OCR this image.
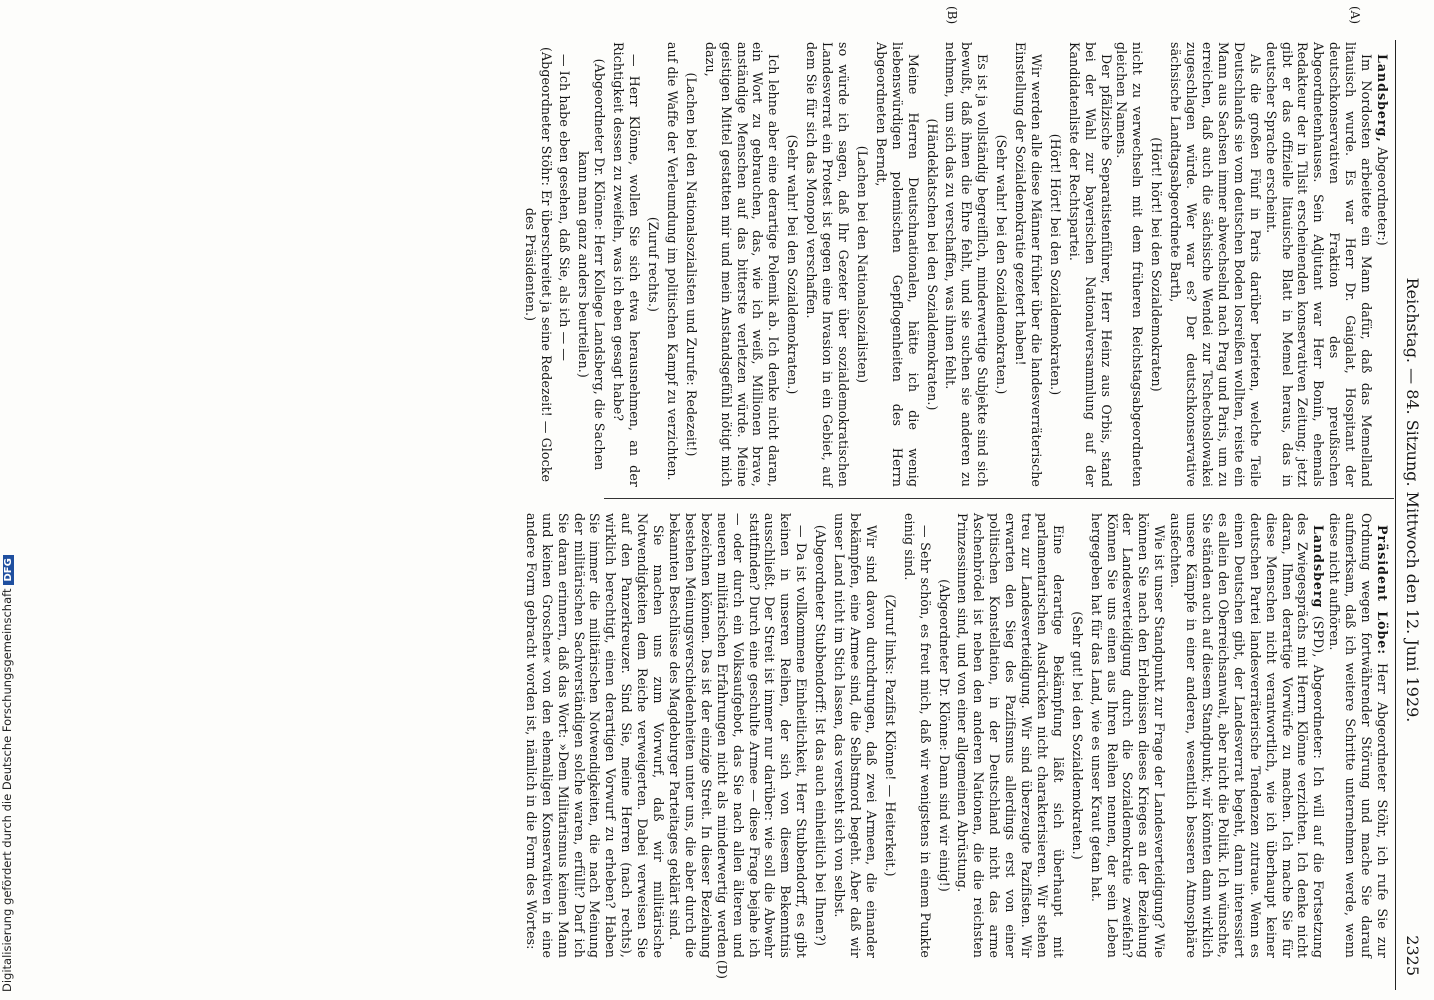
Reichstag. — 84. Sitzung. Mittwoch den 12. Juni 1929.
2325
(A)
(B)
(D)

Landsberg, Abgeordneter:)

Im Nordosten arbeitete ein Mann dafür, daß das Memelland litauisch wurde. Es war Herr Dr. Gaigalat, Hospitant der deutschkonservativen Fraktion des preußischen Abgeordnetenhauses. Sein Adjutant war Herr Bonin, ehemals Redakteur der in Tilsit erscheinenden konservativen Zeitung; jetzt gibt er das offizielle litauische Blatt in Memel heraus, das in deutscher Sprache erscheint.

Als die großen Fünf in Paris darüber berieten, welche Teile Deutschlands sie vom deutschen Boden losreißen wollten, reiste ein Mann aus Sachsen immer abwechselnd nach Prag und Paris, um zu erreichen, daß auch die sächsische Wendei zur Tschechoslowakei zugeschlagen würde. Wer war es? Der deutschkonservative sächsische Landtagsabgeordnete Barth,

(Hört! hört! bei den Sozialdemokraten)

nicht zu verwechseln mit dem früheren Reichstagsabgeordneten gleichen Namens.

Der pfälzische Separatistenführer, Herr Heinz aus Orbis, stand bei der Wahl zur bayerischen Nationalversammlung auf der Kandidatenliste der Rechtspartei.

(Hört! Hört! bei den Sozialdemokraten.)

Wir werden alle diese Männer früher über die landesverräterische Einstellung der Sozialdemokratie gezetert haben!

(Sehr wahr! bei den Sozialdemokraten.)

Es ist ja vollständig begreiflich, minderwertige Subjekte sind sich bewußt, daß ihnen die Ehre fehlt, und sie suchen sie anderen zu nehmen, um sich das zu verschaffen, was ihnen fehlt.

(Händeklatschen bei den Sozialdemokraten.)

Meine Herren Deutschnationalen, hätte ich die wenig liebenswürdigen polemischen Gepflogenheiten des Herrn Abgeordneten Berndt,

(Lachen bei den Nationalsozialisten)

so würde ich sagen, daß Ihr Gezeter über sozialdemokratischen Landesverrat ein Protest ist gegen eine Invasion in ein Gebiet, auf dem Sie für sich das Monopol verschaffen.

(Sehr wahr! bei den Sozialdemokraten.)

Ich lehne aber eine derartige Polemik ab. Ich denke nicht daran, ein Wort zu gebrauchen, das, wie ich weiß, Millionen brave, anständige Menschen auf das bitterste verletzen würde. Meine geistigen Mittel gestatten mir und mein Anstandsgefühl nötigt mich dazu,

(Lachen bei den Nationalsozialisten und Zurufe: Redezeit!)

auf die Waffe der Verleumdung im politischen Kampf zu verzichten.

(Zuruf rechts.)

— Herr Klönne, wollen Sie sich etwa herausnehmen, an der Richtigkeit dessen zu zweifeln, was ich eben gesagt habe?

(Abgeordneter Dr. Klönne: Herr Kollege Landsberg, die Sachen kann man ganz anders beurteilen.)

— Ich habe eben gesehen, daß Sie, als ich — —

(Abgeordneter Stöhr: Er überschreitet ja seine Redezeit! — Glocke des Präsidenten.)

Präsident Löbe: Herr Abgeordneter Stöhr, ich rufe Sie zur Ordnung wegen fortwährender Störung und mache Sie darauf aufmerksam, daß ich weitere Schritte unternehmen werde, wenn diese nicht aufhören.

Landsberg (SPD), Abgeordneter: Ich will auf die Fortsetzung des Zwiegesprächs mit Herrn Klönne verzichten. Ich denke nicht daran, Ihnen derartige Vorwürfe zu machen. Ich mache Sie für diese Menschen nicht verantwortlich, wie ich überhaupt keiner deutschen Partei landesverräterische Tendenzen zutraue. Wenn es einen Deutschen gibt, der Landesverrat begeht, dann interessiert es allein den Oberreichsanwalt, aber nicht die Politik. Ich wünschte, Sie ständen auch auf diesem Standpunkt; wir könnten dann wirklich unsere Kämpfe in einer anderen, wesentlich besseren Atmosphäre ausfechten.

Wie ist unser Standpunkt zur Frage der Landesverteidigung? Wie können Sie nach den Erlebnissen dieses Krieges an der Beziehung der Landesverteidigung durch die Sozialdemokratie zweifeln? Können Sie uns einen aus Ihren Reihen nennen, der sein Leben hergegeben hat für das Land, wie es unser Kraut getan hat.

(Sehr gut! bei den Sozialdemokraten.)

Eine derartige Bekämpfung läßt sich überhaupt mit parlamentarischen Ausdrücken nicht charakterisieren. Wir stehen treu zur Landesverteidigung. Wir sind überzeugte Pazifisten. Wir erwarten den Sieg des Pazifismus allerdings erst von einer politischen Konstellation, in der Deutschland nicht das arme Aschenbrödel ist neben den anderen Nationen, die die reichsten Prinzessinnen sind, und von einer allgemeinen Abrüstung.

(Abgeordneter Dr. Klönne: Dann sind wir einig!)

— Sehr schön, es freut mich, daß wir wenigstens in einem Punkte einig sind.

(Zuruf links: Pazifist Klönne! — Heiterkeit.)

Wir sind davon durchdrungen, daß zwei Armeen, die einander bekämpfen, eine Armee sind, die Selbstmord begeht. Aber daß wir unser Land nicht im Stich lassen, das versteht sich von selbst.

(Abgeordneter Stubbendorff: Ist das auch einheitlich bei Ihnen?)

— Da ist vollkommene Einheitlichkeit, Herr Stubbendorff, es gibt keinen in unseren Reihen, der sich von diesem Bekenntnis ausschließt. Der Streit ist immer nur darüber: wie soll die Abwehr stattfinden? Durch eine geschulte Armee — diese Frage bejahe ich — oder durch ein Volksaufgebot, das Sie nach allen älteren und neueren militärischen Erfahrungen nicht als minderwertig werden bezeichnen können. Das ist der einzige Streit. In dieser Beziehung bestehen Meinungsverschiedenheiten unter uns, die aber durch die bekannten Beschlüsse des Magdeburger Parteitages geklärt sind.

Sie machen uns zum Vorwurf, daß wir militärische Notwendigkeiten dem Reiche verweigerten. Dabei verweisen Sie auf den Panzerkreuzer. Sind Sie, meine Herren (nach rechts), wirklich berechtigt, einen derartigen Vorwurf zu erheben? Haben Sie immer die militärischen Notwendigkeiten, die nach Meinung der militärischen Sachverständigen solche waren, erfüllt? Darf ich Sie daran erinnern, daß das Wort: »Dem Militarismus keinen Mann und keinen Groschen« von den ehemaligen Konservativen in eine andere Form gebracht worden ist, nämlich in die Form des Wortes:

Digitalisierung gefördert durch die Deutsche ForschungsgemeinschaftDFG
